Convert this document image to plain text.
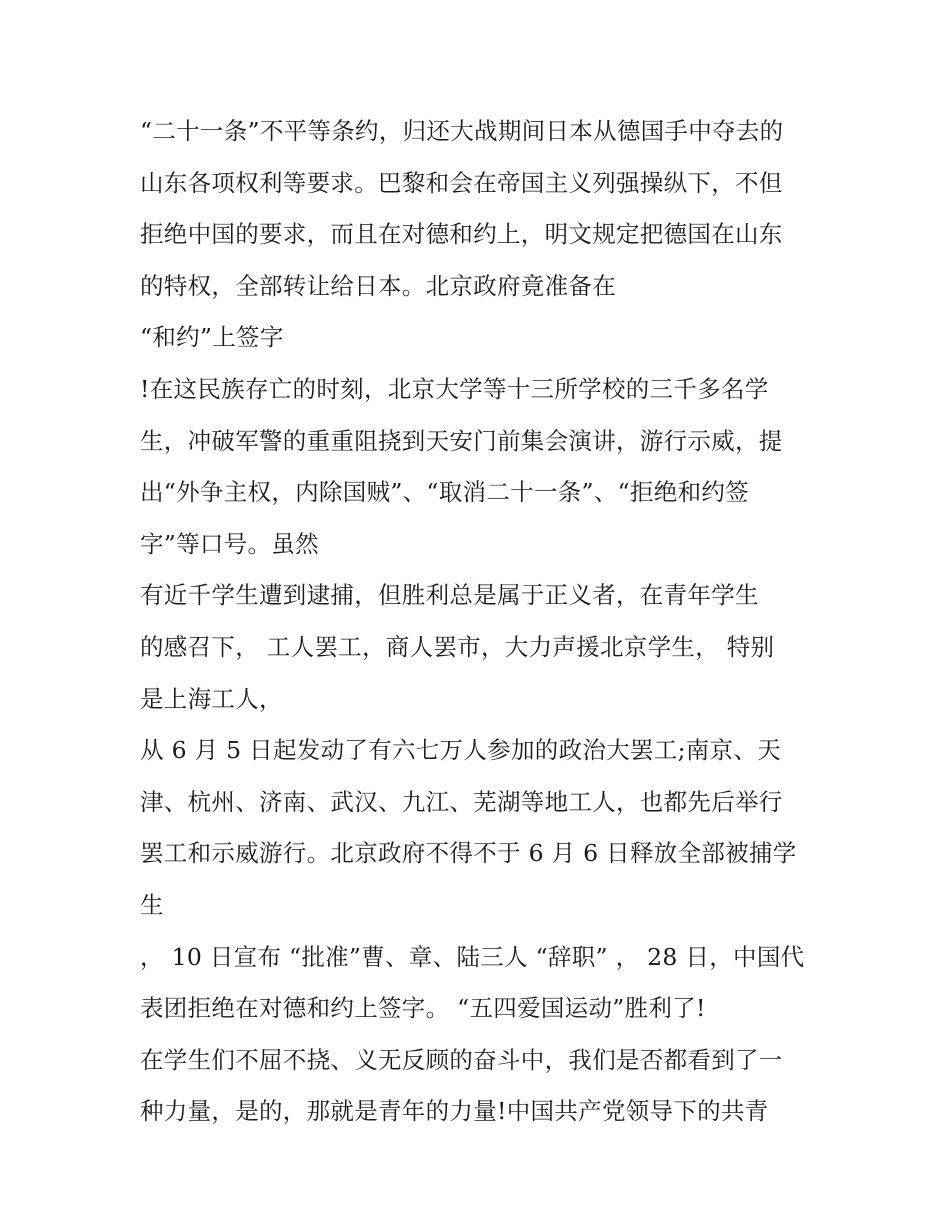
“二十一条”不平等条约，归还大战期间日本从德国手中夺去的
山东各项权利等要求。巴黎和会在帝国主义列强操纵下，不但
拒绝中国的要求，而且在对德和约上，明文规定把德国在山东
的特权，全部转让给日本。北京政府竟准备在
“和约”上签字
!在这民族存亡的时刻，北京大学等十三所学校的三千多名学
生，冲破军警的重重阻挠到天安门前集会演讲，游行示威，提
出“外争主权，内除国贼”、“取消二十一条”、“拒绝和约签
字”等口号。虽然
有近千学生遭到逮捕，但胜利总是属于正义者，在青年学生
的感召下， 工人罢工，商人罢市，大力声援北京学生， 特别
是上海工人，
从 6 月 5 日起发动了有六七万人参加的政治大罢工;南京、天
津、杭州、济南、武汉、九江、芜湖等地工人，也都先后举行
罢工和示威游行。北京政府不得不于 6 月 6 日释放全部被捕学
生
， 10 日宣布 “批准”曹、章、陆三人 “辞职” ， 28 日，中国代
表团拒绝在对德和约上签字。 “五四爱国运动”胜利了!
在学生们不屈不挠、义无反顾的奋斗中，我们是否都看到了一
种力量，是的，那就是青年的力量!中国共产党领导下的共青
